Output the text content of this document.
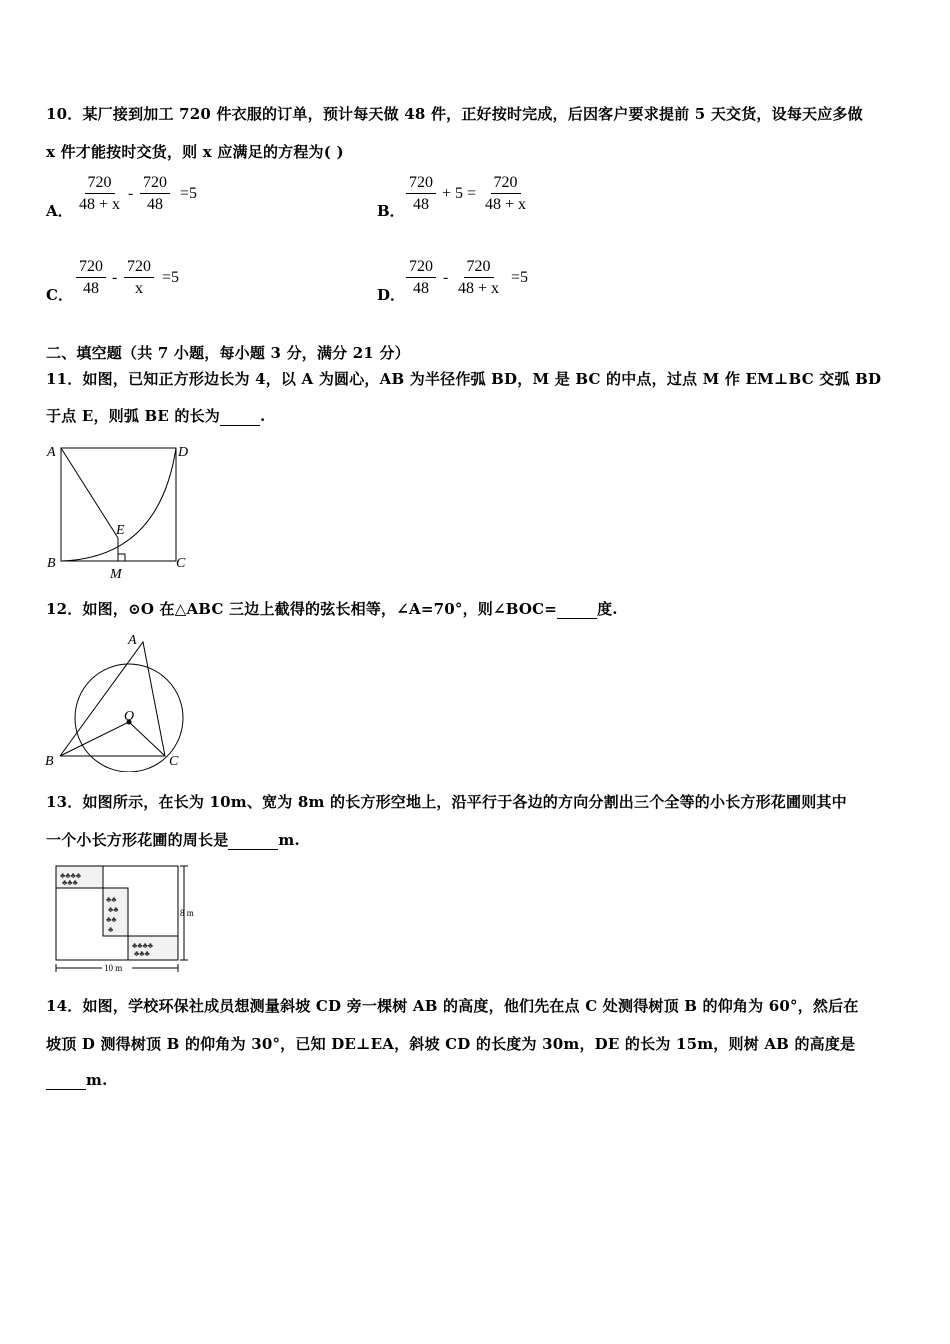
10．某厂接到加工 720 件衣服的订单，预计每天做 48 件，正好按时完成，后因客户要求提前 5 天交货，设每天应多做
x 件才能按时交货，则 x 应满足的方程为( )
A． $\frac{720}{48 + x} - \frac{720}{48} =5$
B． $\frac{720}{48} + 5 = \frac{720}{48 + x}$
C． $\frac{720}{48} - \frac{720}{x} =5$
D． $\frac{720}{48} - \frac{720}{48 + x} =5$
二、填空题（共 7 小题，每小题 3 分，满分 21 分）
11．如图，已知正方形边长为 4，以 A 为圆心，AB 为半径作弧 BD，M 是 BC 的中点，过点 M 作 EM⊥BC 交弧 BD
于点 E，则弧 BE 的长为	.
A	D
B	C
E
M
12．如图，⊙O 在△ABC 三边上截得的弦长相等，∠A=70°，则∠BOC=	度.
A
O
B	C
13．如图所示，在长为 10m、宽为 8m 的长方形空地上，沿平行于各边的方向分割出三个全等的小长方形花圃则其中
一个小长方形花圃的周长是	m.
♣♣♣♣
♣♣♣
♣♣
♣♣
♣♣
♣
♣♣♣♣
♣♣♣
8 m
10 m
14．如图，学校环保社成员想测量斜坡 CD 旁一棵树 AB 的高度，他们先在点 C 处测得树顶 B 的仰角为 60°，然后在
坡顶 D 测得树顶 B 的仰角为 30°，已知 DE⊥EA，斜坡 CD 的长度为 30m，DE 的长为 15m，则树 AB 的高度是
m.
